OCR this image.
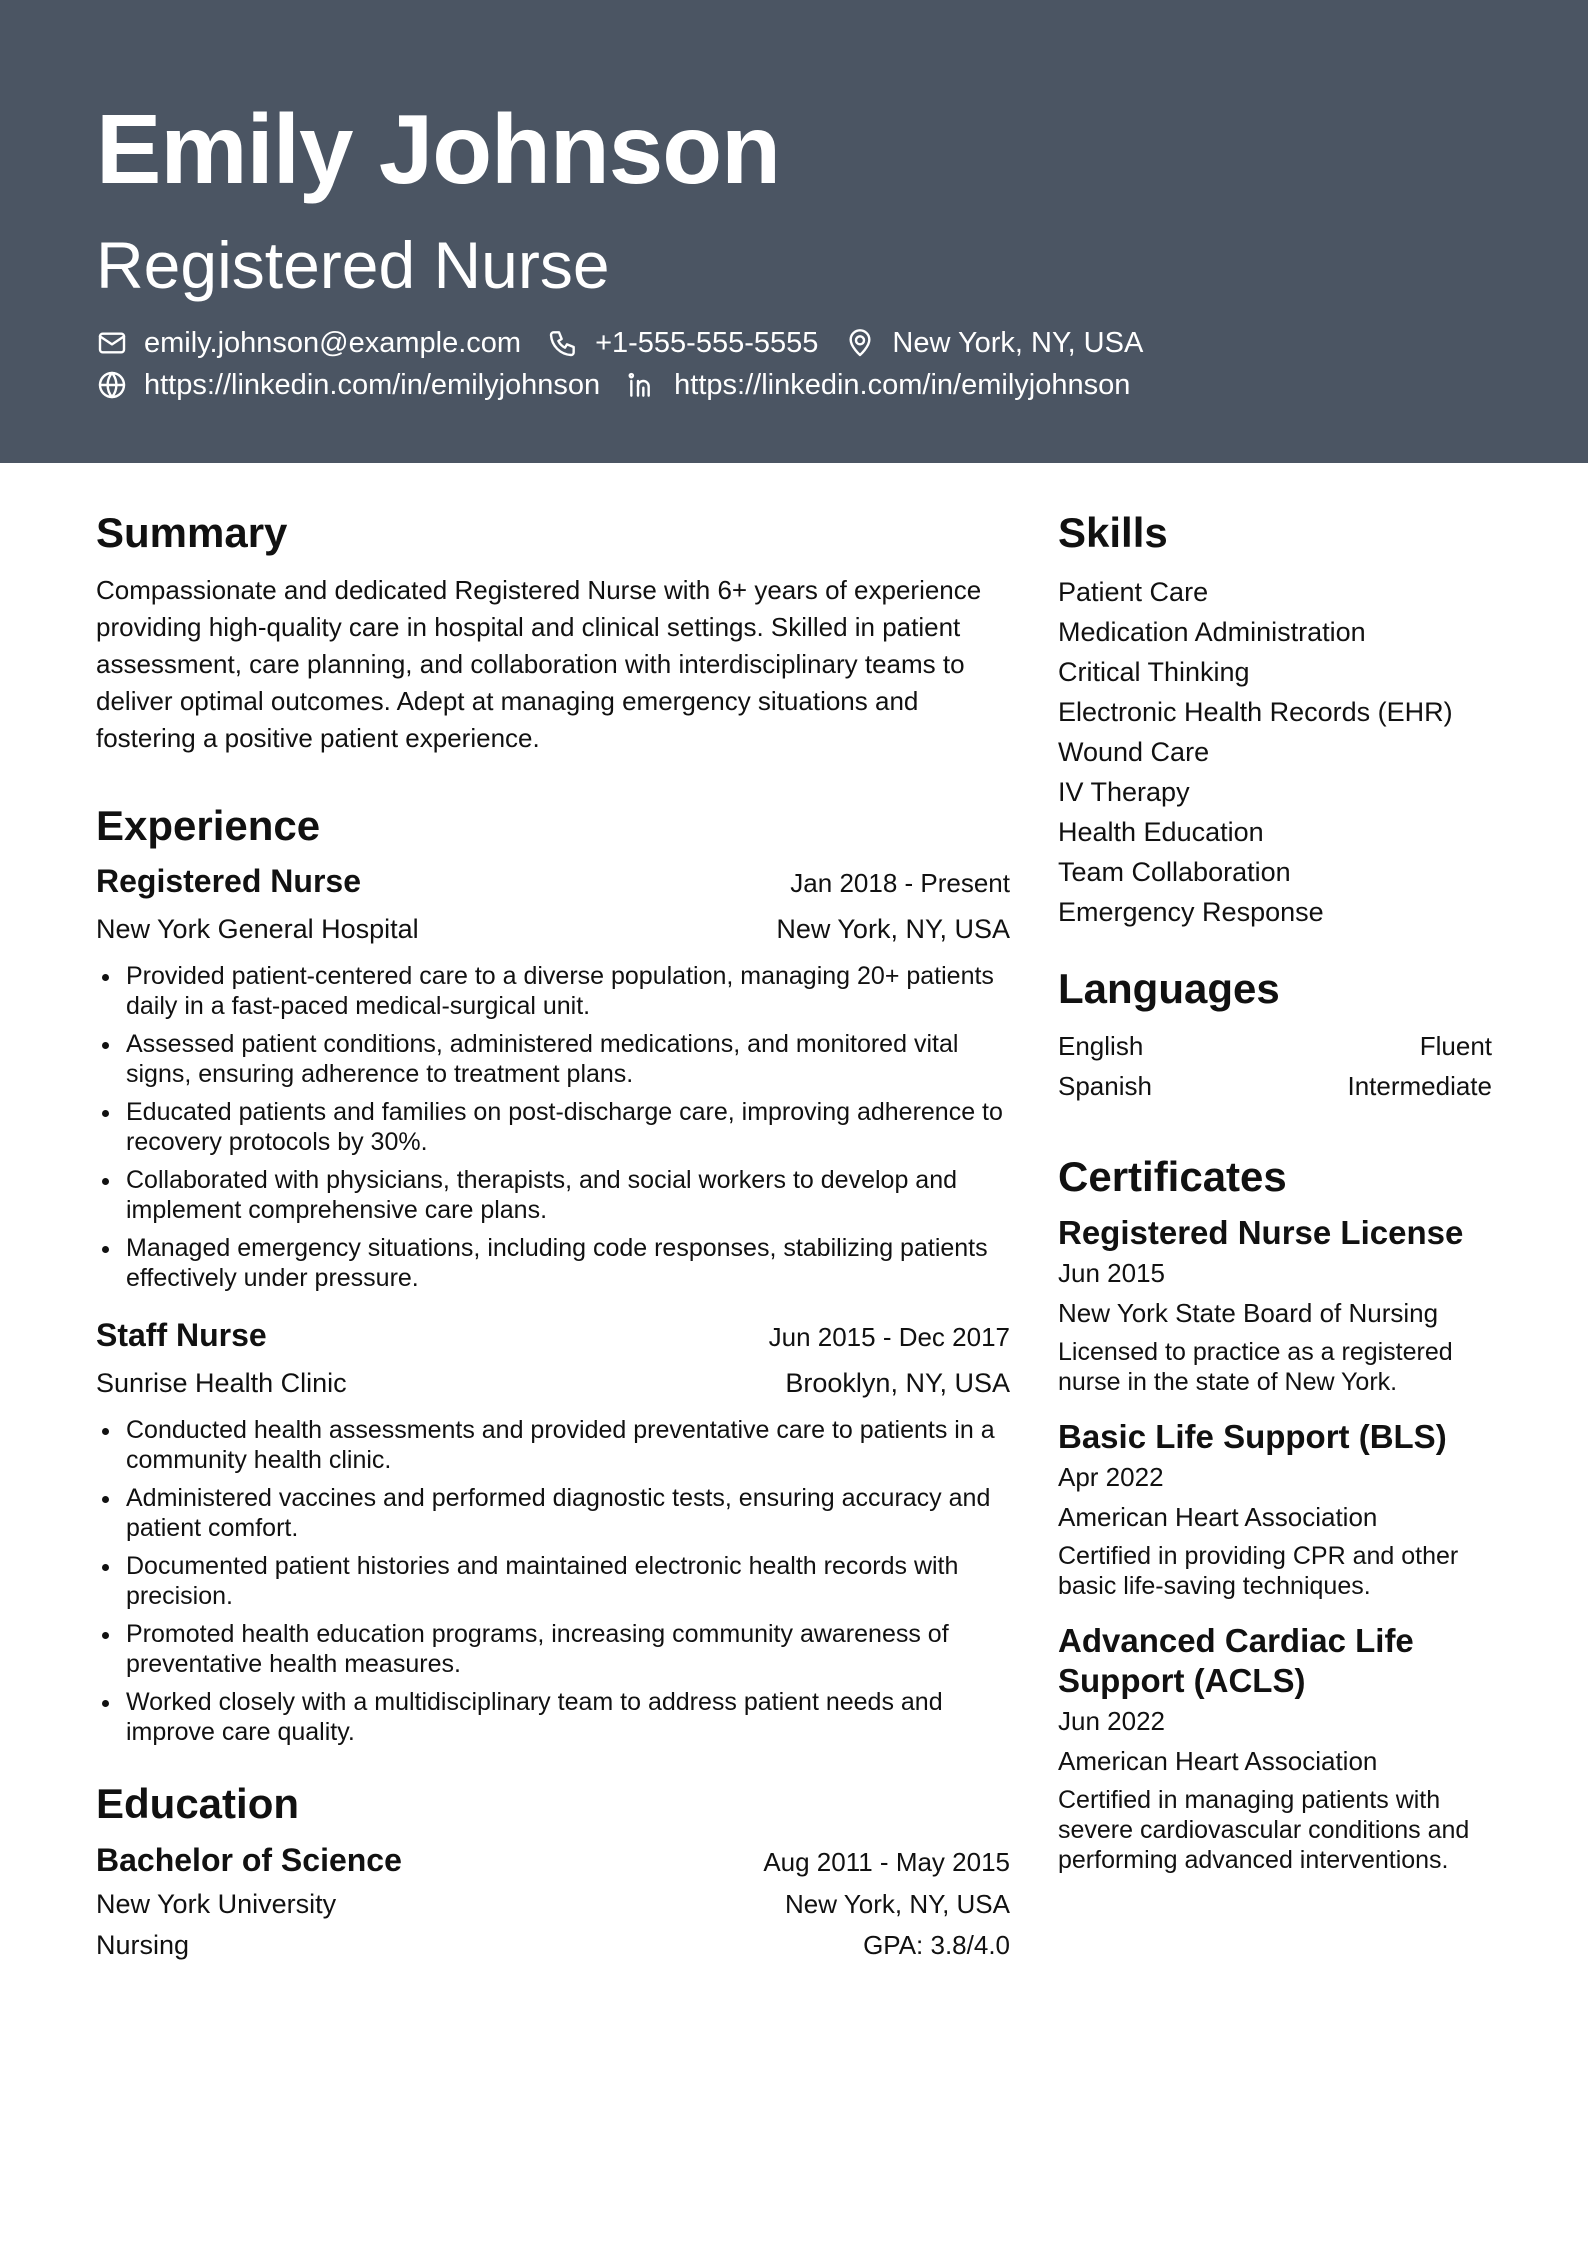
Emily Johnson
Registered Nurse
emily.johnson@example.com	+1-555-555-5555	New York, NY, USA
https://linkedin.com/in/emilyjohnson	https://linkedin.com/in/emilyjohnson
Summary

Compassionate and dedicated Registered Nurse with 6+ years of experience providing high-quality care in hospital and clinical settings. Skilled in patient assessment, care planning, and collaboration with interdisciplinary teams to deliver optimal outcomes. Adept at managing emergency situations and fostering a positive patient experience.

Experience
Registered Nurse	Jan 2018 - Present
New York General Hospital	New York, NY, USA
Provided patient-centered care to a diverse population, managing 20+ patients daily in a fast-paced medical-surgical unit.
Assessed patient conditions, administered medications, and monitored vital signs, ensuring adherence to treatment plans.
Educated patients and families on post-discharge care, improving adherence to recovery protocols by 30%.
Collaborated with physicians, therapists, and social workers to develop and implement comprehensive care plans.
Managed emergency situations, including code responses, stabilizing patients effectively under pressure.
Staff Nurse	Jun 2015 - Dec 2017
Sunrise Health Clinic	Brooklyn, NY, USA
Conducted health assessments and provided preventative care to patients in a community health clinic.
Administered vaccines and performed diagnostic tests, ensuring accuracy and patient comfort.
Documented patient histories and maintained electronic health records with precision.
Promoted health education programs, increasing community awareness of preventative health measures.
Worked closely with a multidisciplinary team to address patient needs and improve care quality.
Education
Bachelor of Science	Aug 2011 - May 2015
New York University	New York, NY, USA
Nursing	GPA: 3.8/4.0
Skills
Patient Care
Medication Administration
Critical Thinking
Electronic Health Records (EHR)
Wound Care
IV Therapy
Health Education
Team Collaboration
Emergency Response
Languages
English	Fluent
Spanish	Intermediate
Certificates
Registered Nurse License
Jun 2015
New York State Board of Nursing
Licensed to practice as a registered nurse in the state of New York.
Basic Life Support (BLS)
Apr 2022
American Heart Association
Certified in providing CPR and other basic life-saving techniques.
Advanced Cardiac Life Support (ACLS)
Jun 2022
American Heart Association
Certified in managing patients with severe cardiovascular conditions and performing advanced interventions.
